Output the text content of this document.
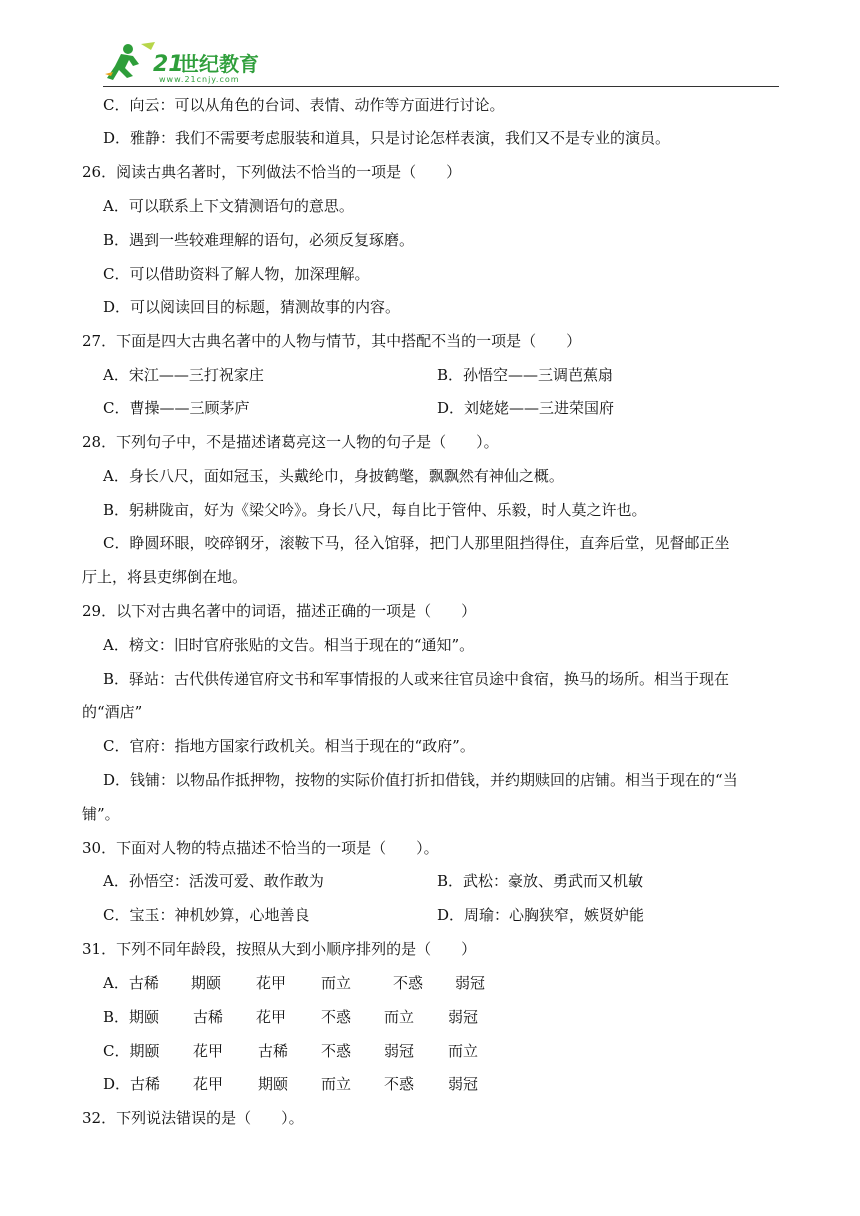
21
世纪教育
www.21cnjy.com
C．向云：可以从角色的台词、表情、动作等方面进行讨论。
D．雅静：我们不需要考虑服装和道具，只是讨论怎样表演，我们又不是专业的演员。
26．阅读古典名著时，下列做法不恰当的一项是（　　）
A．可以联系上下文猜测语句的意思。
B．遇到一些较难理解的语句，必须反复琢磨。
C．可以借助资料了解人物，加深理解。
D．可以阅读回目的标题，猜测故事的内容。
27．下面是四大古典名著中的人物与情节，其中搭配不当的一项是（　　）
A．宋江——三打祝家庄	B．孙悟空——三调芭蕉扇
C．曹操——三顾茅庐	D．刘姥姥——三进荣国府
28．下列句子中，不是描述诸葛亮这一人物的句子是（　　）。
A．身长八尺，面如冠玉，头戴纶巾，身披鹤氅，飘飘然有神仙之概。
B．躬耕陇亩，好为《梁父吟》。身长八尺，每自比于管仲、乐毅，时人莫之许也。
C．睁圆环眼，咬碎钢牙，滚鞍下马，径入馆驿，把门人那里阻挡得住，直奔后堂，见督邮正坐
厅上，将县吏绑倒在地。
29．以下对古典名著中的词语，描述正确的一项是（　　）
A．榜文：旧时官府张贴的文告。相当于现在的“通知”。
B．驿站：古代供传递官府文书和军事情报的人或来往官员途中食宿，换马的场所。相当于现在
的“酒店”
C．官府：指地方国家行政机关。相当于现在的“政府”。
D．钱铺：以物品作抵押物，按物的实际价值打折扣借钱，并约期赎回的店铺。相当于现在的“当
铺”。
30．下面对人物的特点描述不恰当的一项是（　　）。
A．孙悟空：活泼可爱、敢作敢为	B．武松：豪放、勇武而又机敏
C．宝玉：神机妙算，心地善良	D．周瑜：心胸狭窄，嫉贤妒能
31．下列不同年龄段，按照从大到小顺序排列的是（　　）
A．古稀 期颐 花甲 而立	不惑 弱冠
B．期颐 古稀 花甲 不惑 而立 弱冠
C．期颐 花甲 古稀 不惑 弱冠 而立
D．古稀 花甲 期颐 而立 不惑 弱冠
32．下列说法错误的是（　　）。
